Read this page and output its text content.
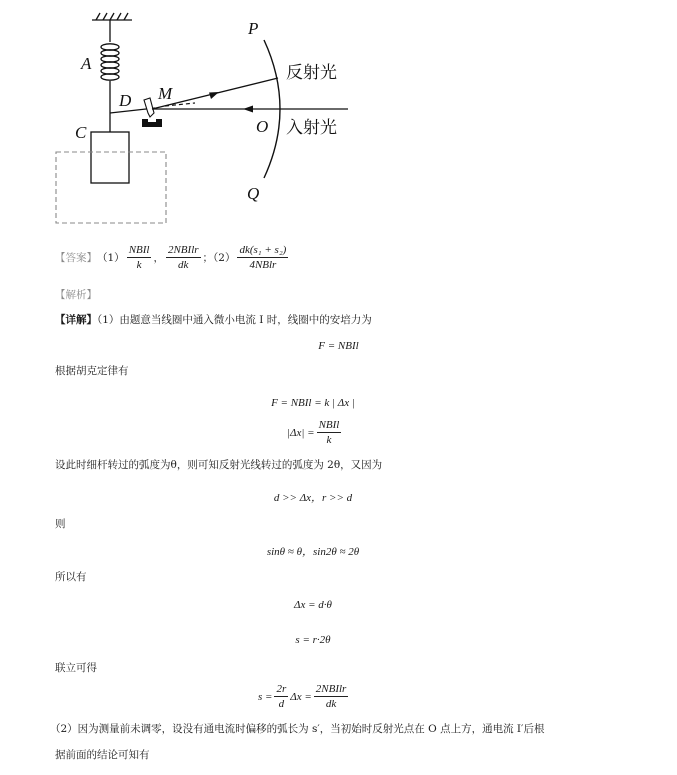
A
C
D M
P
O
Q
反射光
入射光
【答案】 $(1) \frac{\text{NBIl}}{k}$ ， $\frac{\text{2NBIlr}}{dk}$ ；$(2) \frac{\text{dk(s₁ + s₂)}}{\text{4NBlr}}$
【解析】
【详解】（1）由题意当线圈中通入微小电流 I 时，线圈中的安培力为
F = NBIl
根据胡克定律有
F = NBIl = k | Δx |
$|\Delta x| = \frac{\text{NBIl}}{k}$
设此时细杆转过的弧度为θ，则可知反射光线转过的弧度为 2θ，又因为
d >> Δx，r >> d
则
sinθ ≈ θ，sin2θ ≈ 2θ
所以有
Δx = d·θ
s = r·2θ
联立可得
$s = \frac{2r}{d}$ $\Delta x = \frac{\text{2NBIlr}}{dk}$
（2）因为测量前未调零，设没有通电流时偏移的弧长为 s′，当初始时反射光点在 O 点上方，通电流 I′后根
据前面的结论可知有
